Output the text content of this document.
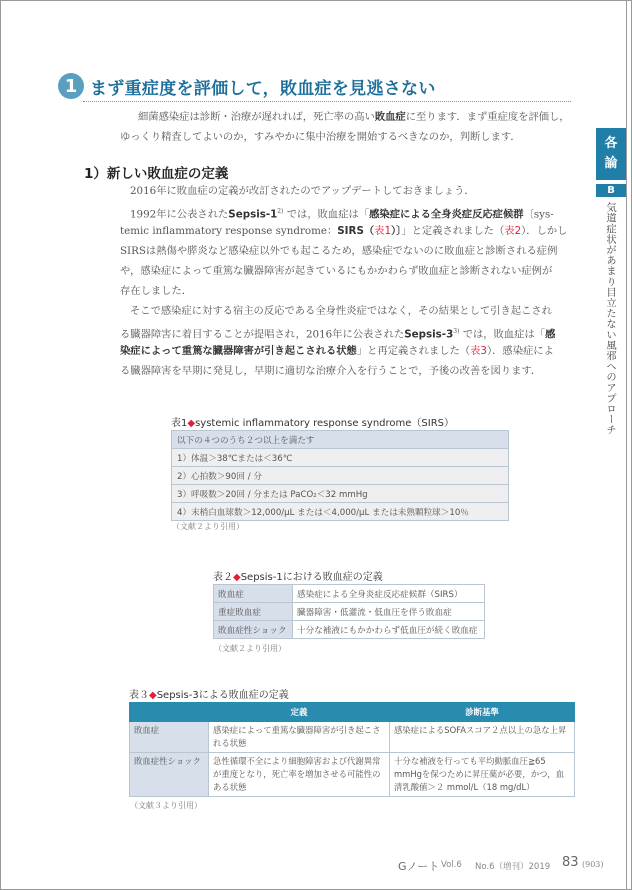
1 まず重症度を評価して，敗血症を見逃さない
細菌感染症は診断・治療が遅れれば，死亡率の高い敗血症に至ります．まず重症度を評価し，
ゆっくり精査してよいのか，すみやかに集中治療を開始するべきなのか，判断します．	各
論
B
気道症状があまり目立たない風邪へのアプローチ
1）新しい敗血症の定義
2016年に敗血症の定義が改訂されたのでアップデートしておきましょう．
1992年に公表されたSepsis-1$^{2)}$ では，敗血症は「感染症による全身炎症反応症候群〔sys-
temic inflammatory response syndrome：SIRS（表1）〕」と定義されました（表2）．しかし
SIRSは熱傷や膵炎など感染症以外でも起こるため，感染症でないのに敗血症と診断される症例
や，感染症によって重篤な臓器障害が起きているにもかかわらず敗血症と診断されない症例が
存在しました．
そこで感染症に対する宿主の反応である全身性炎症ではなく，その結果として引き起こされ
る臓器障害に着目することが提唱され，2016年に公表されたSepsis-3$^{3)}$ では，敗血症は「感
染症によって重篤な臓器障害が引き起こされる状態」と再定義されました（表3）．感染症によ
る臓器障害を早期に発見し，早期に適切な治療介入を行うことで，予後の改善を図ります．
表1◆systemic inflammatory response syndrome（SIRS）
以下の４つのうち２つ以上を満たす
1）体温＞38℃または＜36℃
2）心拍数＞90回 / 分
3）呼吸数＞20回 / 分または PaCO₂＜32 mmHg
4）末梢白血球数＞12,000/µL または＜4,000/µL または未熟顆粒球＞10％
（文献２より引用）
表２◆Sepsis-1における敗血症の定義
敗血症	感染症による全身炎症反応症候群（SIRS）
重症敗血症	臓器障害・低灌流・低血圧を伴う敗血症
敗血症性ショック	十分な補液にもかかわらず低血圧が続く敗血症
（文献２より引用）
表３◆Sepsis-3による敗血症の定義
	定義	診断基準
敗血症	感染症によって重篤な臓器障害が引き起こされる状態	感染症によるSOFAスコア２点以上の急な上昇
敗血症性ショック	急性循環不全により細胞障害および代謝異常が重度となり，死亡率を増加させる可能性のある状態	十分な補液を行っても平均動脈血圧≧65 mmHgを保つために昇圧薬が必要，かつ，血清乳酸値＞２ mmol/L（18 mg/dL）
（文献３より引用）
Gノート Vol.6 No.6（増刊）2019 83 (903)
